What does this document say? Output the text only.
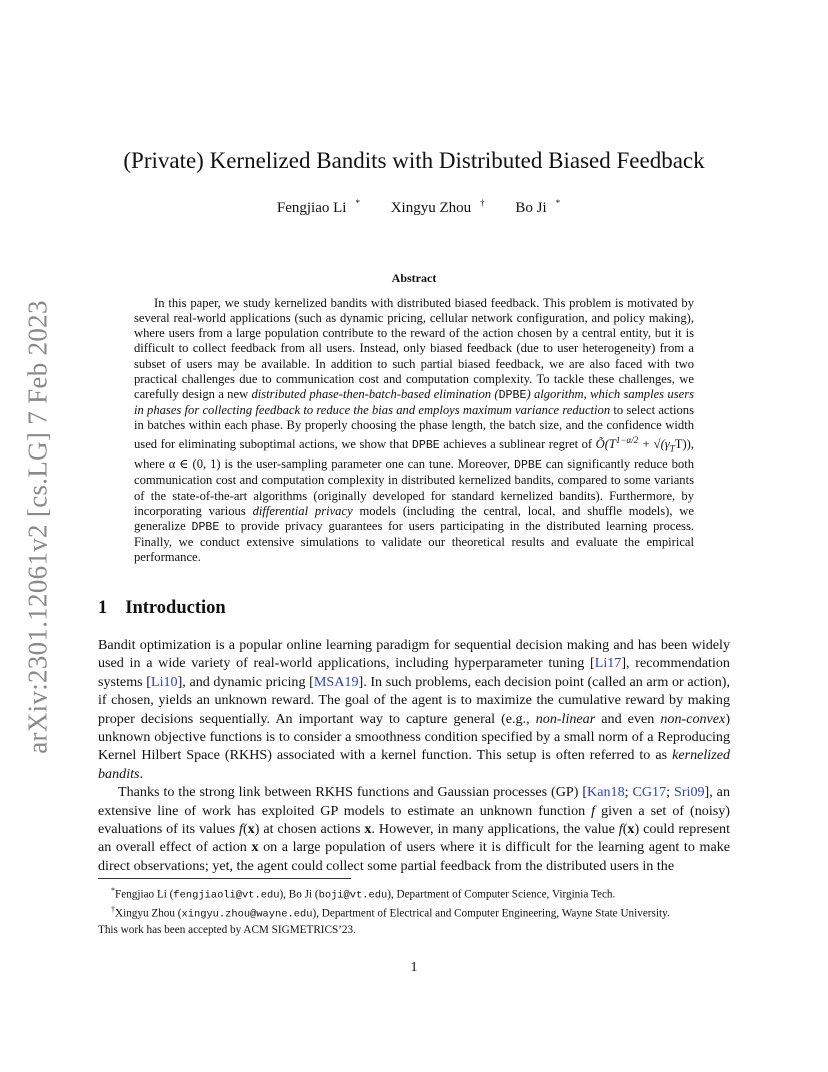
arXiv:2301.12061v2 [cs.LG] 7 Feb 2023
(Private) Kernelized Bandits with Distributed Biased Feedback
Fengjiao Li * Xingyu Zhou † Bo Ji *
Abstract

In this paper, we study kernelized bandits with distributed biased feedback. This problem is motivated by several real-world applications (such as dynamic pricing, cellular network configuration, and policy making), where users from a large population contribute to the reward of the action chosen by a central entity, but it is difficult to collect feedback from all users. Instead, only biased feedback (due to user heterogeneity) from a subset of users may be available. In addition to such partial biased feedback, we are also faced with two practical challenges due to communication cost and computation complexity. To tackle these challenges, we carefully design a new distributed phase-then-batch-based elimination (DPBE) algorithm, which samples users in phases for collecting feedback to reduce the bias and employs maximum variance reduction to select actions in batches within each phase. By properly choosing the phase length, the batch size, and the confidence width used for eliminating suboptimal actions, we show that DPBE achieves a sublinear regret of $Õ(T^{1-\alpha/2} + √(\gamma_TT))$, where α ∈ (0, 1) is the user-sampling parameter one can tune. Moreover, DPBE can significantly reduce both communication cost and computation complexity in distributed kernelized bandits, compared to some variants of the state-of-the-art algorithms (originally developed for standard kernelized bandits). Furthermore, by incorporating various differential privacy models (including the central, local, and shuffle models), we generalize DPBE to provide privacy guarantees for users participating in the distributed learning process. Finally, we conduct extensive simulations to validate our theoretical results and evaluate the empirical performance.

1 Introduction

Bandit optimization is a popular online learning paradigm for sequential decision making and has been widely used in a wide variety of real-world applications, including hyperparameter tuning [Li17], recommendation systems [Li10], and dynamic pricing [MSA19]. In such problems, each decision point (called an arm or action), if chosen, yields an unknown reward. The goal of the agent is to maximize the cumulative reward by making proper decisions sequentially. An important way to capture general (e.g., non-linear and even non-convex) unknown objective functions is to consider a smoothness condition specified by a small norm of a Reproducing Kernel Hilbert Space (RKHS) associated with a kernel function. This setup is often referred to as kernelized bandits.

Thanks to the strong link between RKHS functions and Gaussian processes (GP) [Kan18; CG17; Sri09], an extensive line of work has exploited GP models to estimate an unknown function f given a set of (noisy) evaluations of its values f(x) at chosen actions x. However, in many applications, the value f(x) could represent an overall effect of action x on a large population of users where it is difficult for the learning agent to make direct observations; yet, the agent could collect some partial feedback from the distributed users in the

*Fengjiao Li (fengjiaoli@vt.edu), Bo Ji (boji@vt.edu), Department of Computer Science, Virginia Tech.

†Xingyu Zhou (xingyu.zhou@wayne.edu), Department of Electrical and Computer Engineering, Wayne State University.

This work has been accepted by ACM SIGMETRICS’23.

1
